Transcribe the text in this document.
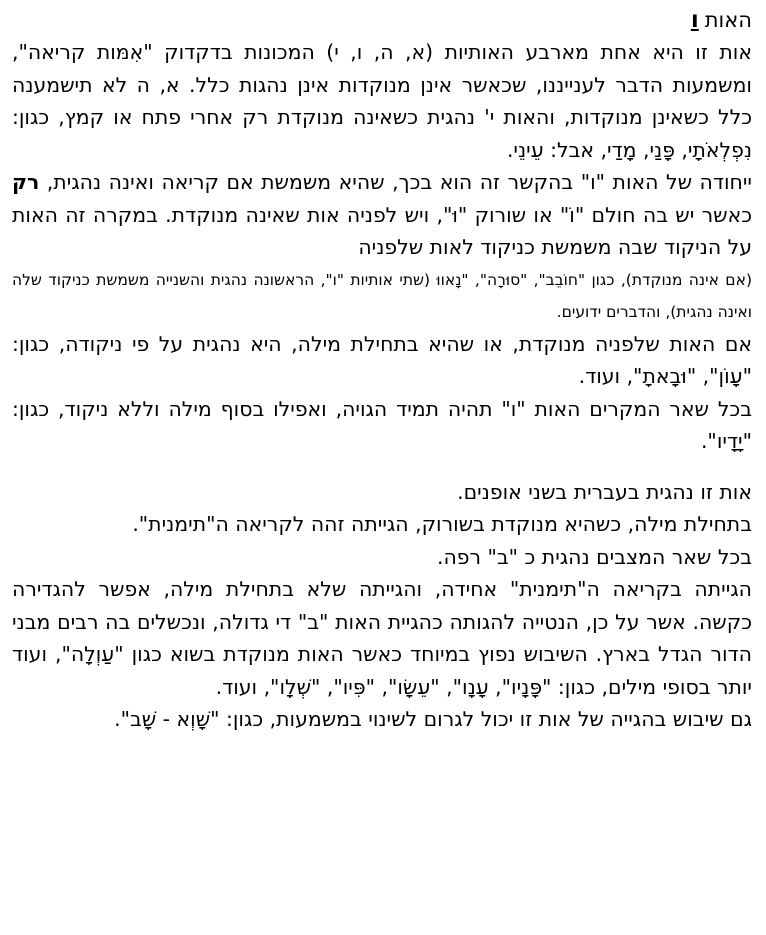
האותו

אות זו היא אחת מארבע האותיות (א, ה, ו, י) המכונות בדקדוק "אִמּות קריאה", ומשמעות הדבר לענייננו, שכאשר אינן מנוקדות אינן נהגות כלל. א, ה לא תישמענה כלל כשאינן מנוקדות, והאות י' נהגית כשאינה מנוקדת רק אחרי פתח או קמץ, כגון: נִפְלְאֹתָי, פָּנַי, מָדַי, אבל: עֵינֵי.

ייחודה של האות "ו" בהקשר זה הוא בכך, שהיא משמשת אם קריאה ואינה נהגית, רק כאשר יש בה חולם "וֹ" או שורוק "וּ", ויש לפניה אות שאינה מנוקדת. במקרה זה האות על הניקוד שבה משמשת כניקוד לאות שלפניה

(אם אינה מנוקדת), כגון "חוֹבֵב", "סוּרָה", "נָאווּ (שתי אותיות "ו", הראשונה נהגית והשנייה משמשת כניקוד שלה ואינה נהגית), והדברים ידועים.

אם האות שלפניה מנוקדת, או שהיא בתחילת מילה, היא נהגית על פי ניקודה, כגון: "עָוֹן", "וּבָאתָ", ועוד.

בכל שאר המקרים האות "ו" תהיה תמיד הגויה, ואפילו בסוף מילה וללא ניקוד, כגון: "יָדָיו".

אות זו נהגית בעברית בשני אופנים.

בתחילת מילה, כשהיא מנוקדת בשורוק, הגייתה זהה לקריאה ה"תימנית".

בכל שאר המצבים נהגית כ "ב" רפה.

הגייתה בקריאה ה"תימנית" אחידה, והגייתה שלא בתחילת מילה, אפשר להגדירה כקשה. אשר על כן, הנטייה להגותה כהגיית האות "ב" די גדולה, ונכשלים בה רבים מבני הדור הגדל בארץ. השיבוש נפוץ במיוחד כאשר האות מנוקדת בשוא כגון "עַוְלָה", ועוד יותר בסופי מילים, כגון: "פָּנָיו", עָנָו", "עֵשָׂו", "פִּיו", "שְׁלָו", ועוד.

גם שיבוש בהגייה של אות זו יכול לגרום לשינוי במשמעות, כגון: "שָׁוְא - שָׁב".
